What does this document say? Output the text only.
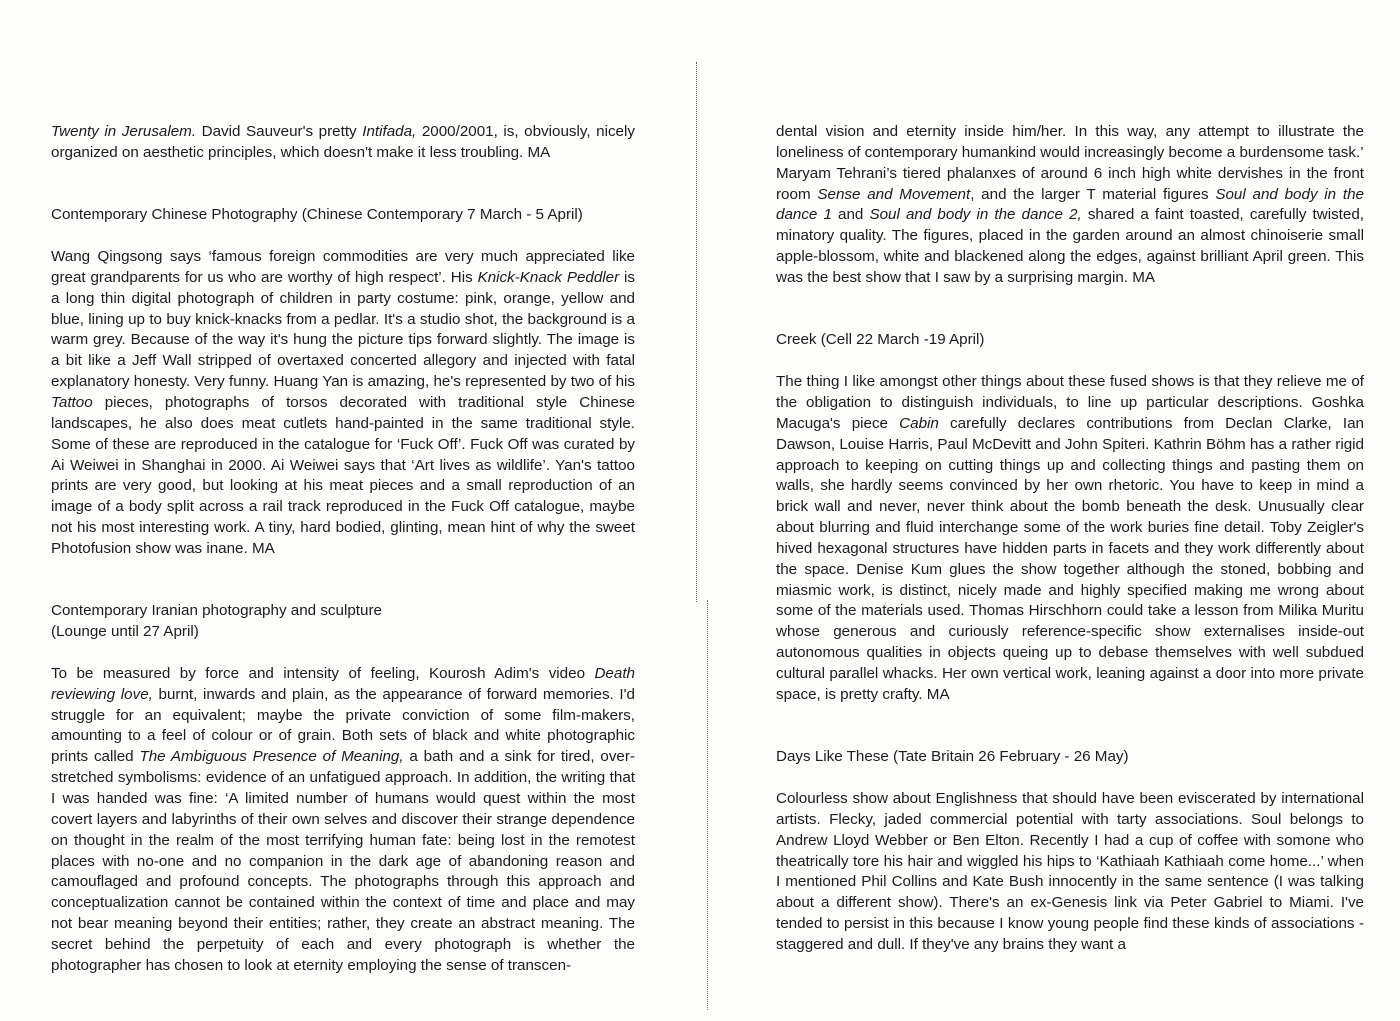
Twenty in Jerusalem. David Sauveur's pretty Intifada, 2000/2001, is, obviously, nicely organized on aesthetic principles, which doesn't make it less troubling. MA

Contemporary Chinese Photography (Chinese Contemporary 7 March - 5 April)

Wang Qingsong says ‘famous foreign commodities are very much appreciated like great grandparents for us who are worthy of high respect’. His Knick-Knack Peddler is a long thin digital photograph of children in party costume: pink, orange, yellow and blue, lining up to buy knick-knacks from a pedlar. It's a studio shot, the background is a warm grey. Because of the way it's hung the picture tips forward slightly. The image is a bit like a Jeff Wall stripped of overtaxed concerted allegory and injected with fatal explanatory honesty. Very funny. Huang Yan is amazing, he's represented by two of his Tattoo pieces, photographs of torsos decorated with traditional style Chinese landscapes, he also does meat cutlets hand-painted in the same traditional style. Some of these are reproduced in the catalogue for ‘Fuck Off’. Fuck Off was curated by Ai Weiwei in Shanghai in 2000. Ai Weiwei says that ‘Art lives as wildlife’. Yan's tattoo prints are very good, but looking at his meat pieces and a small reproduction of an image of a body split across a rail track reproduced in the Fuck Off catalogue, maybe not his most interesting work. A tiny, hard bodied, glinting, mean hint of why the sweet Photofusion show was inane. MA

Contemporary Iranian photography and sculpture
(Lounge until 27 April)

To be measured by force and intensity of feeling, Kourosh Adim's video Death reviewing love, burnt, inwards and plain, as the appearance of forward memories. I'd struggle for an equivalent; maybe the private conviction of some film-makers, amounting to a feel of colour or of grain. Both sets of black and white photographic prints called The Ambiguous Presence of Meaning, a bath and a sink for tired, overstretched symbolisms: evidence of an unfatigued approach. In addition, the writing that I was handed was fine: ‘A limited number of humans would quest within the most covert layers and labyrinths of their own selves and discover their strange dependence on thought in the realm of the most terrifying human fate: being lost in the remotest places with no-one and no companion in the dark age of abandoning reason and camouflaged and profound concepts. The photographs through this approach and conceptualization cannot be contained within the context of time and place and may not bear meaning beyond their entities; rather, they create an abstract meaning. The secret behind the perpetuity of each and every photograph is whether the photographer has chosen to look at eternity employing the sense of transcen-

dental vision and eternity inside him/her. In this way, any attempt to illustrate the loneliness of contemporary humankind would increasingly become a burdensome task.’

Maryam Tehrani’s tiered phalanxes of around 6 inch high white dervishes in the front room Sense and Movement, and the larger T material figures Soul and body in the dance 1 and Soul and body in the dance 2, shared a faint toasted, carefully twisted, minatory quality. The figures, placed in the garden around an almost chinoiserie small apple-blossom, white and blackened along the edges, against brilliant April green. This was the best show that I saw by a surprising margin. MA

Creek (Cell 22 March -19 April)

The thing I like amongst other things about these fused shows is that they relieve me of the obligation to distinguish individuals, to line up particular descriptions. Goshka Macuga's piece Cabin carefully declares contributions from Declan Clarke, Ian Dawson, Louise Harris, Paul McDevitt and John Spiteri. Kathrin Böhm has a rather rigid approach to keeping on cutting things up and collecting things and pasting them on walls, she hardly seems convinced by her own rhetoric. You have to keep in mind a brick wall and never, never think about the bomb beneath the desk. Unusually clear about blurring and fluid interchange some of the work buries fine detail. Toby Zeigler's hived hexagonal structures have hidden parts in facets and they work differently about the space. Denise Kum glues the show together although the stoned, bobbing and miasmic work, is distinct, nicely made and highly specified making me wrong about some of the materials used. Thomas Hirschhorn could take a lesson from Milika Muritu whose generous and curiously reference-specific show externalises inside-out autonomous qualities in objects queing up to debase themselves with well subdued cultural parallel whacks. Her own vertical work, leaning against a door into more private space, is pretty crafty. MA

Days Like These (Tate Britain 26 February - 26 May)

Colourless show about Englishness that should have been eviscerated by international artists. Flecky, jaded commercial potential with tarty associations. Soul belongs to Andrew Lloyd Webber or Ben Elton. Recently I had a cup of coffee with somone who theatrically tore his hair and wiggled his hips to ‘Kathiaah Kathiaah come home...’ when I mentioned Phil Collins and Kate Bush innocently in the same sentence (I was talking about a different show). There's an ex-Genesis link via Peter Gabriel to Miami. I've tended to persist in this because I know young people find these kinds of associations - staggered and dull. If they've any brains they want a
